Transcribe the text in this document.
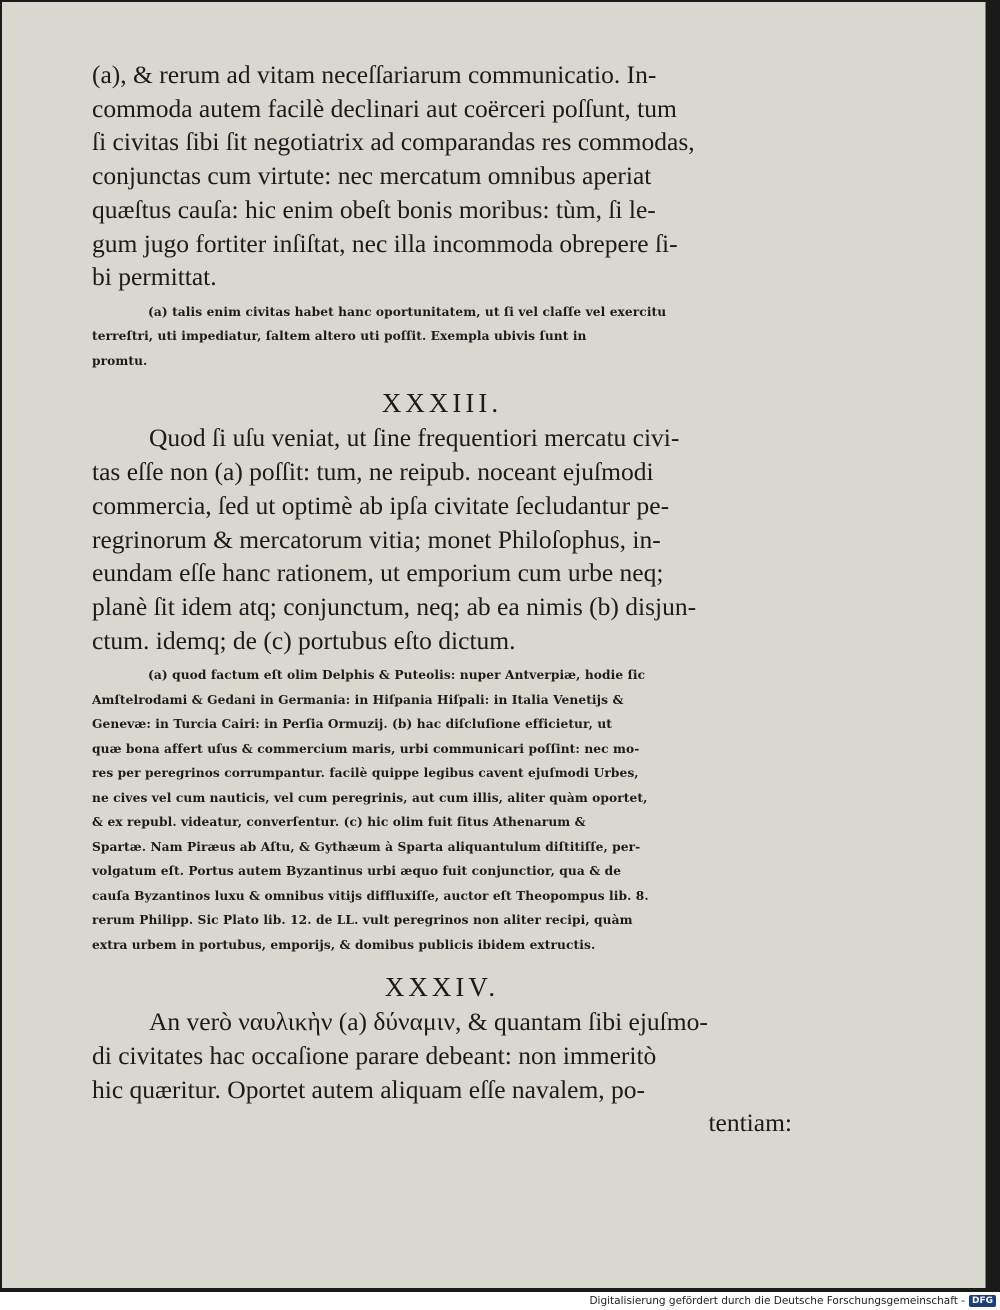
(a), & rerum ad vitam neceſſariarum communicatio. In-
commoda autem facilè declinari aut coërceri poſſunt, tum
ſi civitas ſibi ſit negotiatrix ad comparandas res commodas,
conjunctas cum virtute: nec mercatum omnibus aperiat
quæſtus cauſa: hic enim obeſt bonis moribus: tùm, ſi le-
gum jugo fortiter inſiſtat, nec illa incommoda obrepere ſi-
bi permittat.

(a) talis enim civitas habet hanc oportunitatem, ut ſi vel claſſe vel exercitu
terreſtri, uti impediatur, ſaltem altero uti poſſit. Exempla ubivis ſunt in
promtu.
XXXIII.

Quod ſi uſu veniat, ut ſine frequentiori mercatu civi-
tas eſſe non (a) poſſit: tum, ne reipub. noceant ejuſmodi
commercia, ſed ut optimè ab ipſa civitate ſecludantur pe-
regrinorum & mercatorum vitia; monet Philoſophus, in-
eundam eſſe hanc rationem, ut emporium cum urbe neq;
planè ſit idem atq; conjunctum, neq; ab ea nimis (b) disjun-
ctum. idemq; de (c) portubus eſto dictum.

(a) quod factum eſt olim Delphis & Puteolis: nuper Antverpiæ, hodie ſic
Amſtelrodami & Gedani in Germania: in Hiſpania Hiſpali: in Italia Venetijs &
Genevæ: in Turcia Cairi: in Perſia Ormuzij. (b) hac diſcluſione efficietur, ut
quæ bona affert uſus & commercium maris, urbi communicari poſſint: nec mo-
res per peregrinos corrumpantur. facilè quippe legibus cavent ejuſmodi Urbes,
ne cives vel cum nauticis, vel cum peregrinis, aut cum illis, aliter quàm oportet,
& ex republ. videatur, converſentur. (c) hic olim fuit ſitus Athenarum &
Spartæ. Nam Piræus ab Aſtu, & Gythæum à Sparta aliquantulum diſtitiſſe, per-
volgatum eſt. Portus autem Byzantinus urbi æquo fuit conjunctior, qua & de
cauſa Byzantinos luxu & omnibus vitijs diffluxiſſe, auctor eſt Theopompus lib. 8.
rerum Philipp. Sic Plato lib. 12. de LL. vult peregrinos non aliter recipi, quàm
extra urbem in portubus, emporijs, & domibus publicis ibidem extructis.
XXXIV.

An verò ναυλικὴν (a) δύναμιν, & quantam ſibi ejuſmo-
di civitates hac occaſione parare debeant: non immeritò
hic quæritur. Oportet autem aliquam eſſe navalem, po-
tentiam:

Digitalisierung gefördert durch die Deutsche Forschungsgemeinschaft - DFG
